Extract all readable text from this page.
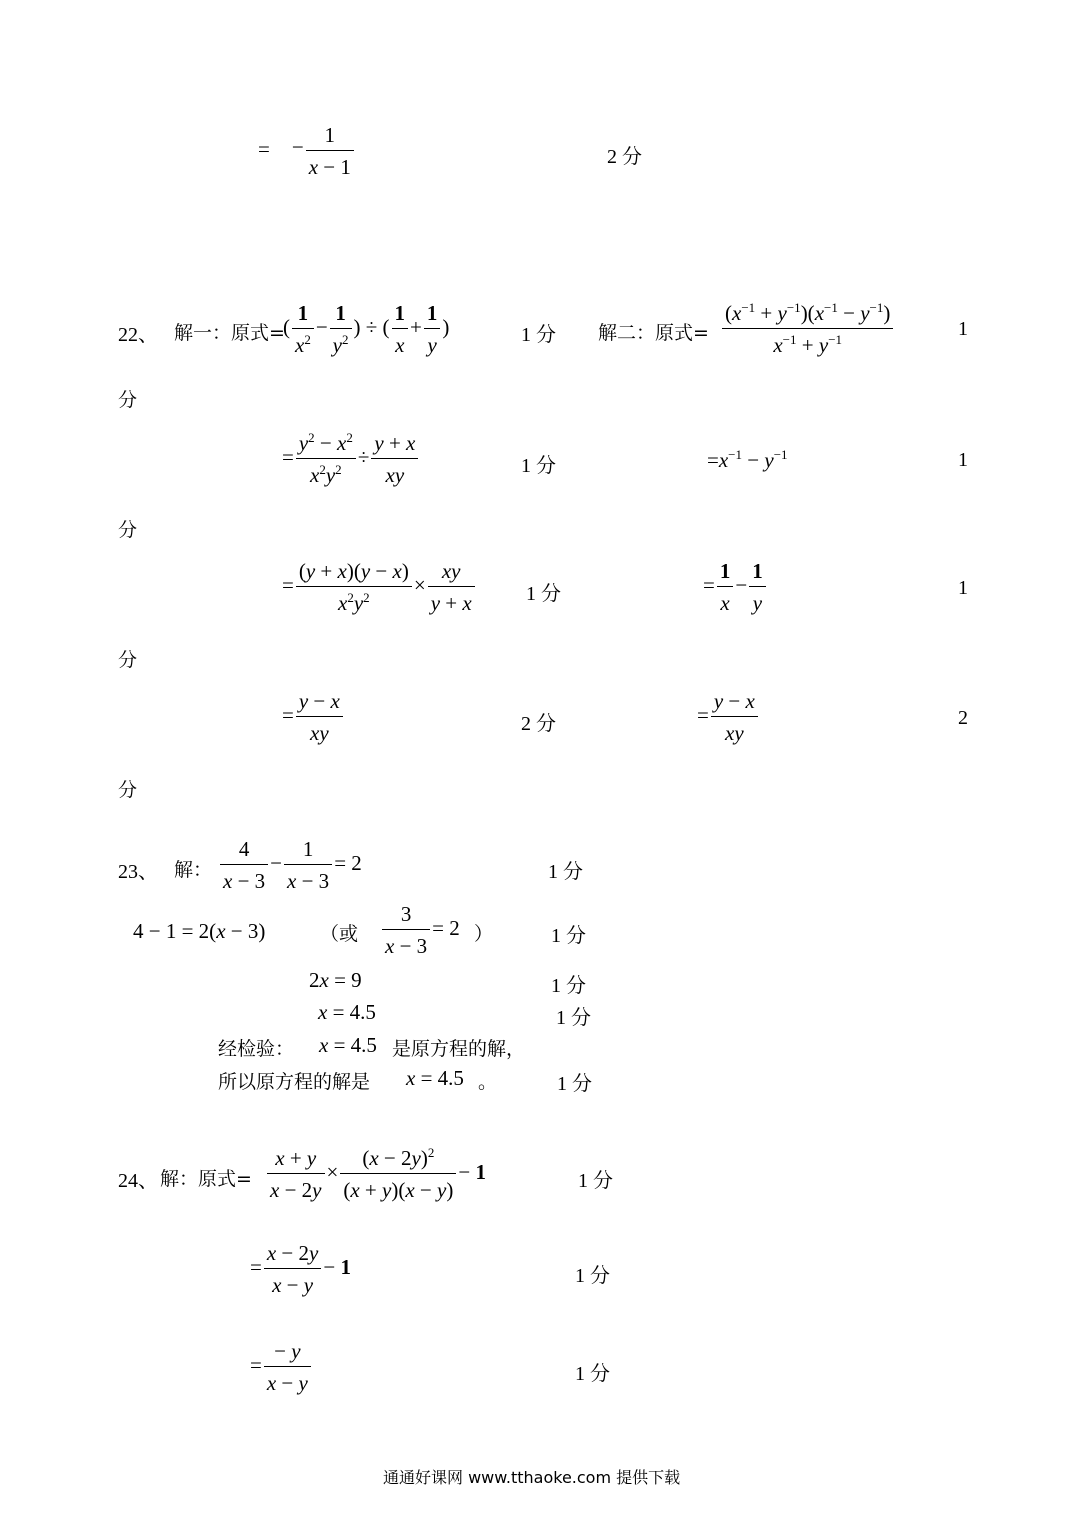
= − $\frac{1}{x - 1}$	2 分
22、 解一：原式=
( $\frac{1}{x^2} - \frac{1}{y^2}$ ) ÷ ( $\frac{1}{x} + \frac{1}{y}$ )	1 分 解二：原式= $\frac{(x^{-1} + y^{-1})(x^{-1} - y^{-1})}{x^{-1} + y^{-1}}$	1
分
= $\frac{y^2 - x^2}{x^2y^2} \div \frac{y + x}{xy}$	1 分	$=x^{-1} - y^{-1}$	1
分
= $\frac{(y + x)(y - x)}{x^2y^2} \times \frac{xy}{y + x}$	1 分	= $\frac{1}{x} - \frac{1}{y}$	1
分
= $\frac{y - x}{xy}$	2 分	= $\frac{y - x}{xy}$	2
分
23、 解： $\frac{4}{x - 3} - \frac{1}{x - 3} = 2$	1 分
4 − 1 = 2(x − 3)	（或 $\frac{3}{x - 3} = 2$ ）	1 分
2x = 9	1 分
x = 4.5	1 分
经检验： x = 4.5 是原方程的解，
所以原方程的解是 x = 4.5 。	1 分
24、 解：原式= $\frac{x + y}{x - 2y} \times \frac{(x - 2y)^2}{(x + y)(x - y)} - 1$	1 分
= $\frac{x - 2y}{x - y} - 1$	1 分
= $\frac{- y}{x - y}$	1 分
通通好课网 www.tthaoke.com 提供下载
